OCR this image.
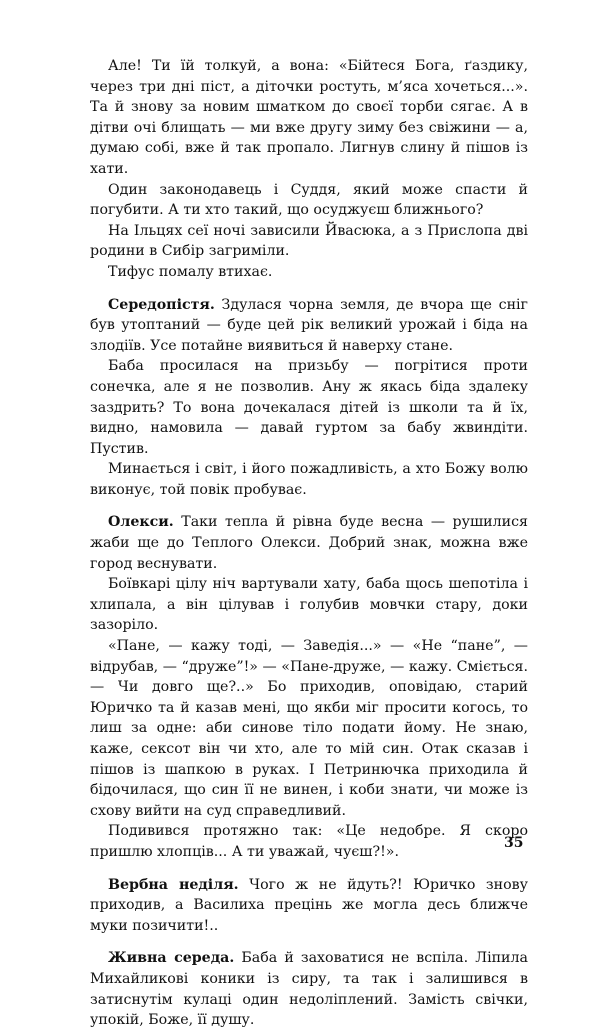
Але! Ти їй толкуй, а вона: «Бійтеся Бога, ґаздику, через три дні піст, а діточки ростуть, м’яса хочеться...». Та й знову за новим шматком до своєї торби сягає. А в дітви очі блищать — ми вже другу зиму без свіжини — а, думаю собі, вже й так пропало. Лигнув слину й пішов із хати.

Один законодавець і Суддя, який може спасти й погубити. А ти хто такий, що осуджуєш ближнього?

На Ільцях сеї ночі зависили Йвасюка, а з Прислопа дві родини в Сибір загриміли.

Тифус помалу втихає.

Середопістя. Здулася чорна земля, де вчора ще сніг був утоптаний — буде цей рік великий урожай і біда на злодіїв. Усе потайне виявиться й наверху стане.

Баба просилася на призьбу — погрітися проти сонечка, але я не позволив. Ану ж якась біда здалеку заздрить? То вона дочекалася дітей із школи та й їх, видно, намовила — давай гуртом за бабу жвиндіти. Пустив.

Минається і світ, і його пожадливість, а хто Божу волю виконує, той повік пробуває.

Олекси. Таки тепла й рівна буде весна — рушилися жаби ще до Теплого Олекси. Добрий знак, можна вже город веснувати.

Боївкарі цілу ніч вартували хату, баба щось шепотіла і хлипала, а він цілував і голубив мовчки стару, доки зазоріло.

«Пане, — кажу тоді, — Заведія...» — «Не “пане”, — відрубав, — “друже”!» — «Пане-друже, — кажу. Сміється. — Чи довго ще?..» Бо приходив, оповідаю, старий Юричко та й казав мені, що якби міг просити когось, то лиш за одне: аби синове тіло подати йому. Не знаю, каже, сексот він чи хто, але то мій син. Отак сказав і пішов із шапкою в руках. І Петринючка приходила й бідочилася, що син її не винен, і коби знати, чи може із схову вийти на суд справедливий.

Подивився протяжно так: «Це недобре. Я скоро пришлю хлопців... А ти уважай, чуєш?!».

Вербна неділя. Чого ж не йдуть?! Юричко знову приходив, а Василиха прецінь же могла десь ближче муки позичити!..

Живна середа. Баба й заховатися не вспіла. Ліпила Михайликові коники із сиру, та так і залишився в затиснутім кулаці один недоліплений. Замість свічки, упокій, Боже, її душу.

35
